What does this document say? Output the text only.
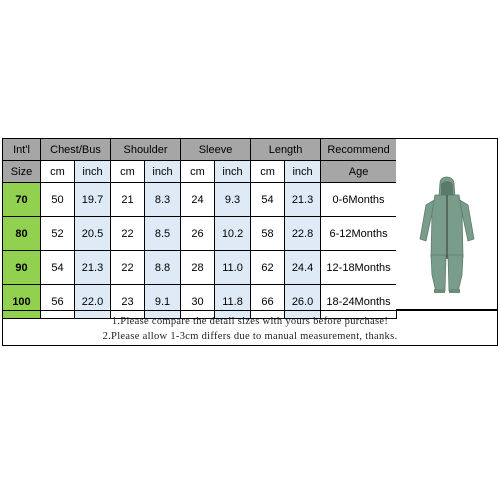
Int'l	Chest/Bus		Shoulder		Sleeve		Length		Recommend
Size	cm	inch	cm	inch	cm	inch	cm	inch	Age
70	50	19.7	21	8.3	24	9.3	54	21.3	0-6Months
80	52	20.5	22	8.5	26	10.2	58	22.8	6-12Months
90	54	21.3	22	8.8	28	11.0	62	24.4	12-18Months
100	56	22.0	23	9.1	30	11.8	66	26.0	18-24Months
1.Please compare the detail sizes with yours before purchase!
2.Please allow 1-3cm differs due to manual measurement, thanks.
